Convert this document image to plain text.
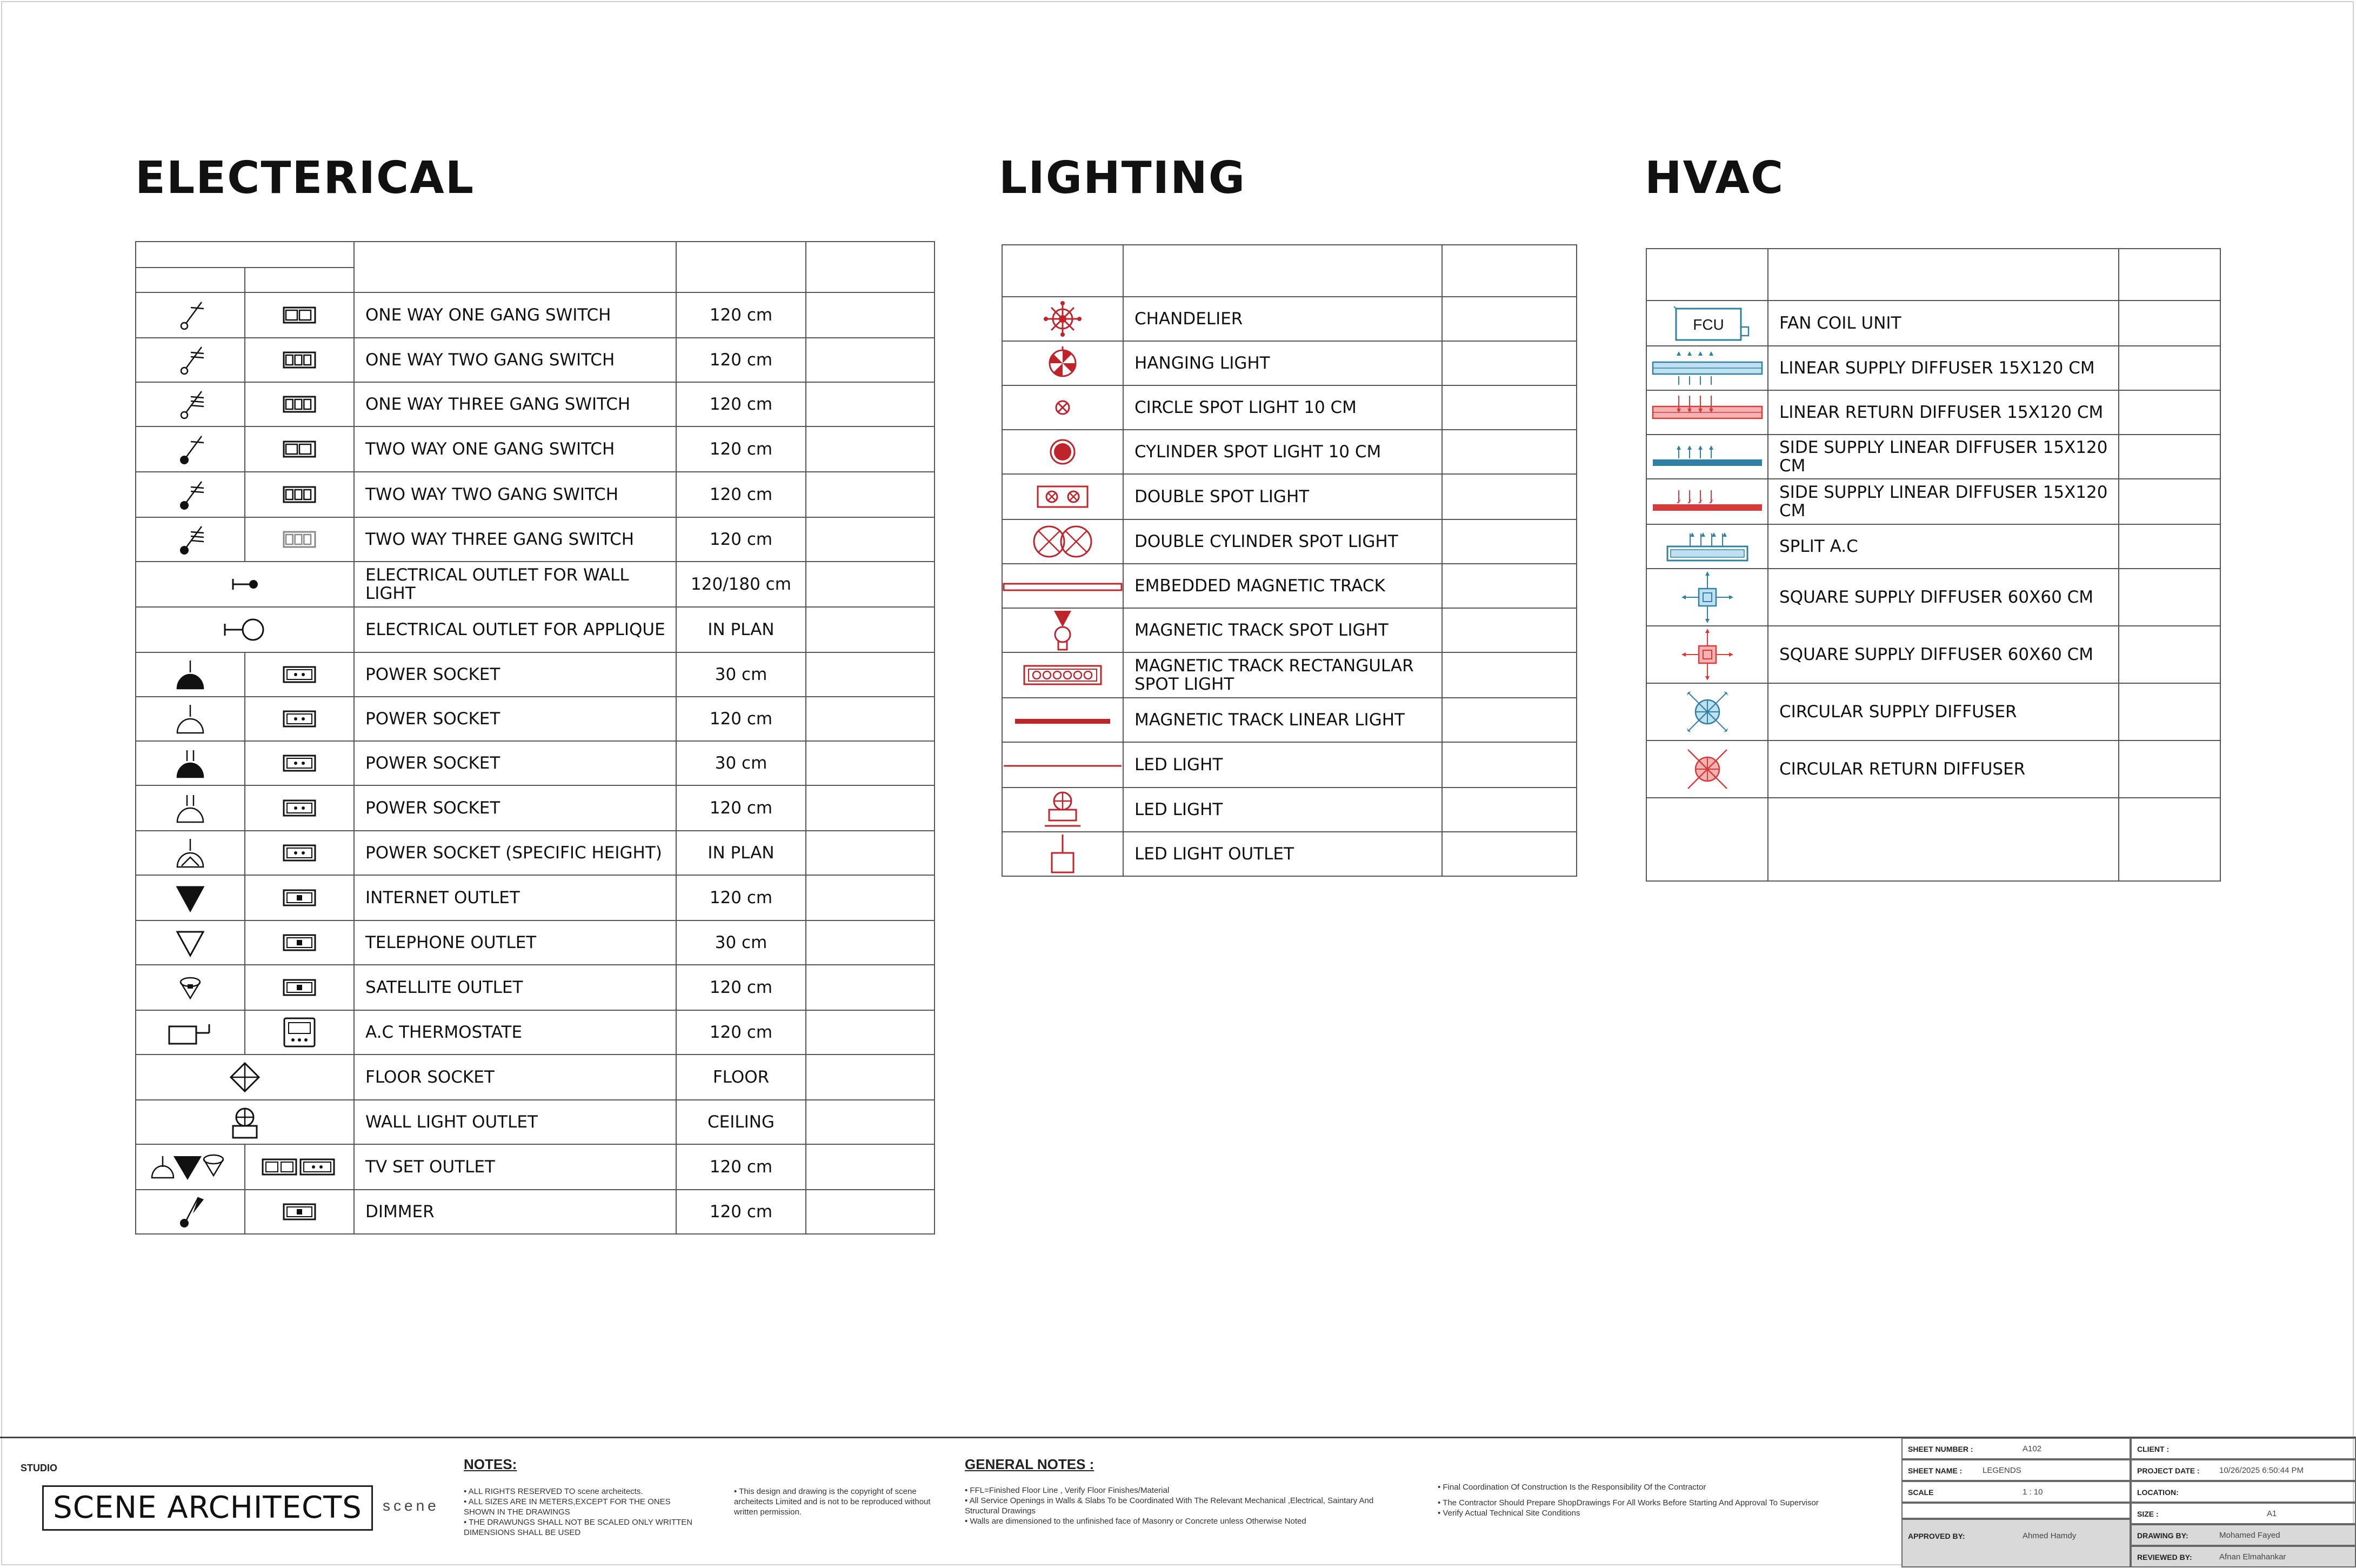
ELECTERICAL	LIGHTING	HVAC

		ONE WAY ONE GANG SWITCH	120 cm	
		ONE WAY TWO GANG SWITCH	120 cm	
		ONE WAY THREE GANG SWITCH	120 cm	
		TWO WAY ONE GANG SWITCH	120 cm	
		TWO WAY TWO GANG SWITCH	120 cm	
		TWO WAY THREE GANG SWITCH	120 cm	
	ELECTRICAL OUTLET FOR WALL LIGHT	120/180 cm	
	ELECTRICAL OUTLET FOR APPLIQUE	IN PLAN	
		POWER SOCKET	30 cm	
		POWER SOCKET	120 cm	
		POWER SOCKET	30 cm	
		POWER SOCKET	120 cm	
		POWER SOCKET (SPECIFIC HEIGHT)	IN PLAN	
		INTERNET OUTLET	120 cm	
		TELEPHONE OUTLET	30 cm	
		SATELLITE OUTLET	120 cm	
		A.C THERMOSTATE	120 cm	
	FLOOR SOCKET	FLOOR	
	WALL LIGHT OUTLET	CEILING	
		TV SET OUTLET	120 cm	
		DIMMER	120 cm	

	CHANDELIER	
	HANGING LIGHT	
	CIRCLE SPOT LIGHT 10 CM	
	CYLINDER SPOT LIGHT 10 CM	
	DOUBLE SPOT LIGHT	
	DOUBLE CYLINDER SPOT LIGHT	
	EMBEDDED MAGNETIC TRACK	
	MAGNETIC TRACK SPOT LIGHT	
	MAGNETIC TRACK RECTANGULAR SPOT LIGHT	
	MAGNETIC TRACK LINEAR LIGHT	
	LED LIGHT	
	LED LIGHT	
	LED LIGHT OUTLET	

FCU	FAN COIL UNIT	
	LINEAR SUPPLY DIFFUSER 15X120 CM	
	LINEAR RETURN DIFFUSER 15X120 CM	
	SIDE SUPPLY LINEAR DIFFUSER 15X120 CM	
	SIDE SUPPLY LINEAR DIFFUSER 15X120 CM	
	SPLIT A.C	
	SQUARE SUPPLY DIFFUSER 60X60 CM	
	SQUARE SUPPLY DIFFUSER 60X60 CM	
	CIRCULAR SUPPLY DIFFUSER	
	CIRCULAR RETURN DIFFUSER	

STUDIO
SCENE ARCHITECTS	scene
NOTES:
• ALL RIGHTS RESERVED TO scene archeitects.
• ALL SIZES ARE IN METERS,EXCEPT FOR THE ONES SHOWN IN THE DRAWINGS
• THE DRAWUNGS SHALL NOT BE SCALED ONLY WRITTEN DIMENSIONS SHALL BE USED
• This design and drawing is the copyright of scene archeitects Limited and is not to be reproduced without written permission.
GENERAL NOTES :
• FFL=Finished Floor Line , Verify Floor Finishes/Material
• All Service Openings in Walls & Slabs To be Coordinated With The Relevant Mechanical ,Electrical, Saintary And Structural Drawings
• Walls are dimensioned to the unfinished face of Masonry or Concrete unless Otherwise Noted
• Final Coordination Of Construction Is the Responsibility Of the Contractor
• The Contractor Should Prepare ShopDrawings For All Works Before Starting And Approval To Supervisor
• Verify Actual Technical Site Conditions
SHEET NUMBER :	A102
SHEET NAME :	LEGENDS
SCALE	1 : 10
APPROVED BY:	Ahmed Hamdy
CLIENT :
PROJECT DATE : 10/26/2025 6:50:44 PM
LOCATION:
SIZE :	A1
DRAWING BY:	Mohamed Fayed
REVIEWED BY:	Afnan Elmahankar
